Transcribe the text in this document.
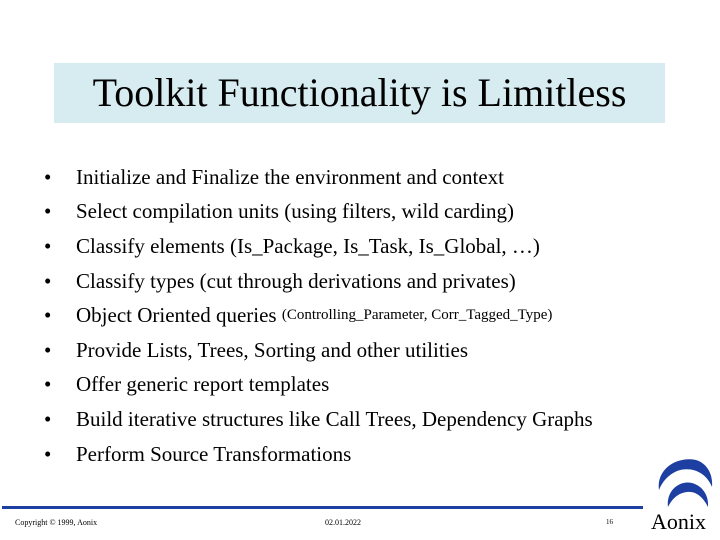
Toolkit Functionality is Limitless
•	Initialize and Finalize the environment and context
•	Select compilation units (using filters, wild carding)
•	Classify elements (Is_Package, Is_Task, Is_Global, …)
•	Classify types (cut through derivations and privates)
•	Object Oriented queries (Controlling_Parameter, Corr_Tagged_Type)
•	Provide Lists, Trees, Sorting and other utilities
•	Offer generic report templates
•	Build iterative structures like Call Trees, Dependency Graphs
•	Perform Source Transformations
Copyright © 1999, Aonix	02.01.2022	16 Aonix
